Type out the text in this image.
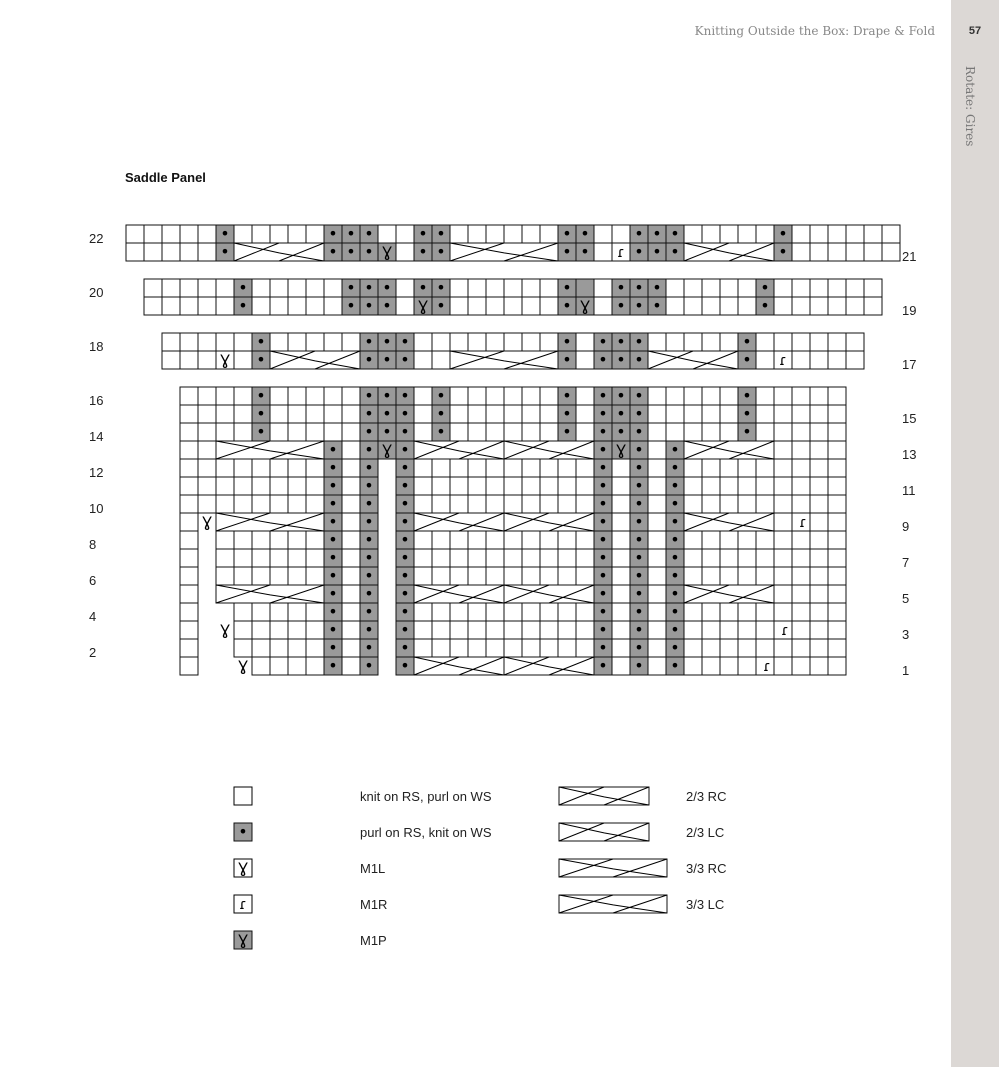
Knitting Outside the Box: Drape & Fold	57
Rotate: Gires
Saddle Panel
•	• • •	• •	• •	• • •	•
•	• • • Ɣ • •	• •	• • •	•
ɾ
•	• • • • •	•	• • •	•
•	• • • Ɣ •	• Ɣ • • •	•
•	• • •	• • • •	•
•	• • •	• • • •	•
Ɣ	ɾ
•
•
•
•
•
•
•
•
•
•
•
•
•
•
•
•
•
•
•
•
•
•
•
•
•
•
•
•
•
•
• • Ɣ •	• Ɣ • •
•
•
•
•
•
•
•
•
•
•
•
•
•
•
•
•
•
•
•
•
•
•
•
•
•
•
•
•
•
•
•
•
•
•
•
•
•
•
•
•
•
•
•
•
•
•
•
•
•
•
•
•
•
•
•
•
•
•
•
•
•
•
•
•
•
•
•
•
•
•
•
•
Ɣ	ɾ
Ɣ	ɾ
Ɣ	ɾ
22
20
18
16
14
12
10
8
6
4
2
21
19
17
15
13
11
9
7
5
3
1
knit on RS, purl on WS
•	purl on RS, knit on WS
Ɣ	M1L
ɾ	M1R
Ɣ	M1P
2/3 RC
2/3 LC
3/3 RC
3/3 LC
